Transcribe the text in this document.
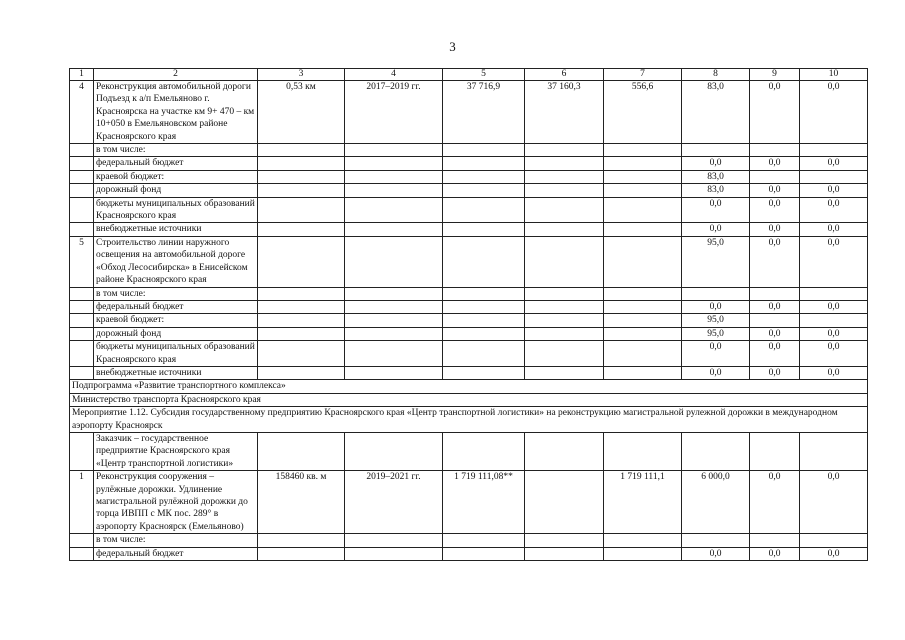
3
1	2	3	4	5	6	7	8	9	10
4	Реконструкция автомобильной дороги Подъезд к а/п Емельяново г. Красноярска на участке км 9+ 470 – км 10+050 в Емельяновском районе Красноярского края	0,53 км	2017–2019 гг.	37 716,9	37 160,3	556,6	83,0	0,0	0,0
	в том числе:								
	федеральный бюджет						0,0	0,0	0,0
	краевой бюджет:						83,0		
	дорожный фонд						83,0	0,0	0,0
	бюджеты муниципальных образований Красноярского края						0,0	0,0	0,0
	внебюджетные источники						0,0	0,0	0,0
5	Строительство линии наружного освещения на автомобильной дороге «Обход Лесосибирска» в Енисейском районе Красноярского края						95,0	0,0	0,0
	в том числе:								
	федеральный бюджет						0,0	0,0	0,0
	краевой бюджет:						95,0		
	дорожный фонд						95,0	0,0	0,0
	бюджеты муниципальных образований Красноярского края						0,0	0,0	0,0
	внебюджетные источники						0,0	0,0	0,0
Подпрограмма «Развитие транспортного комплекса»									
Министерство транспорта Красноярского края									
Мероприятие 1.12. Субсидия государственному предприятию Красноярского края «Центр транспортной логистики» на реконструкцию магистральной рулежной дорожки в международном аэропорту Красноярск									
	Заказчик – государственное предприятие Красноярского края «Центр транспортной логистики»								
1	Реконструкция сооружения – рулёжные дорожки. Удлинение магистральной рулёжной дорожки до торца ИВПП с МК пос. 289° в аэропорту Красноярск (Емельяново)	158460 кв. м	2019–2021 гг.	1 719 111,08**		1 719 111,1	6 000,0	0,0	0,0
	в том числе:								
	федеральный бюджет						0,0	0,0	0,0
